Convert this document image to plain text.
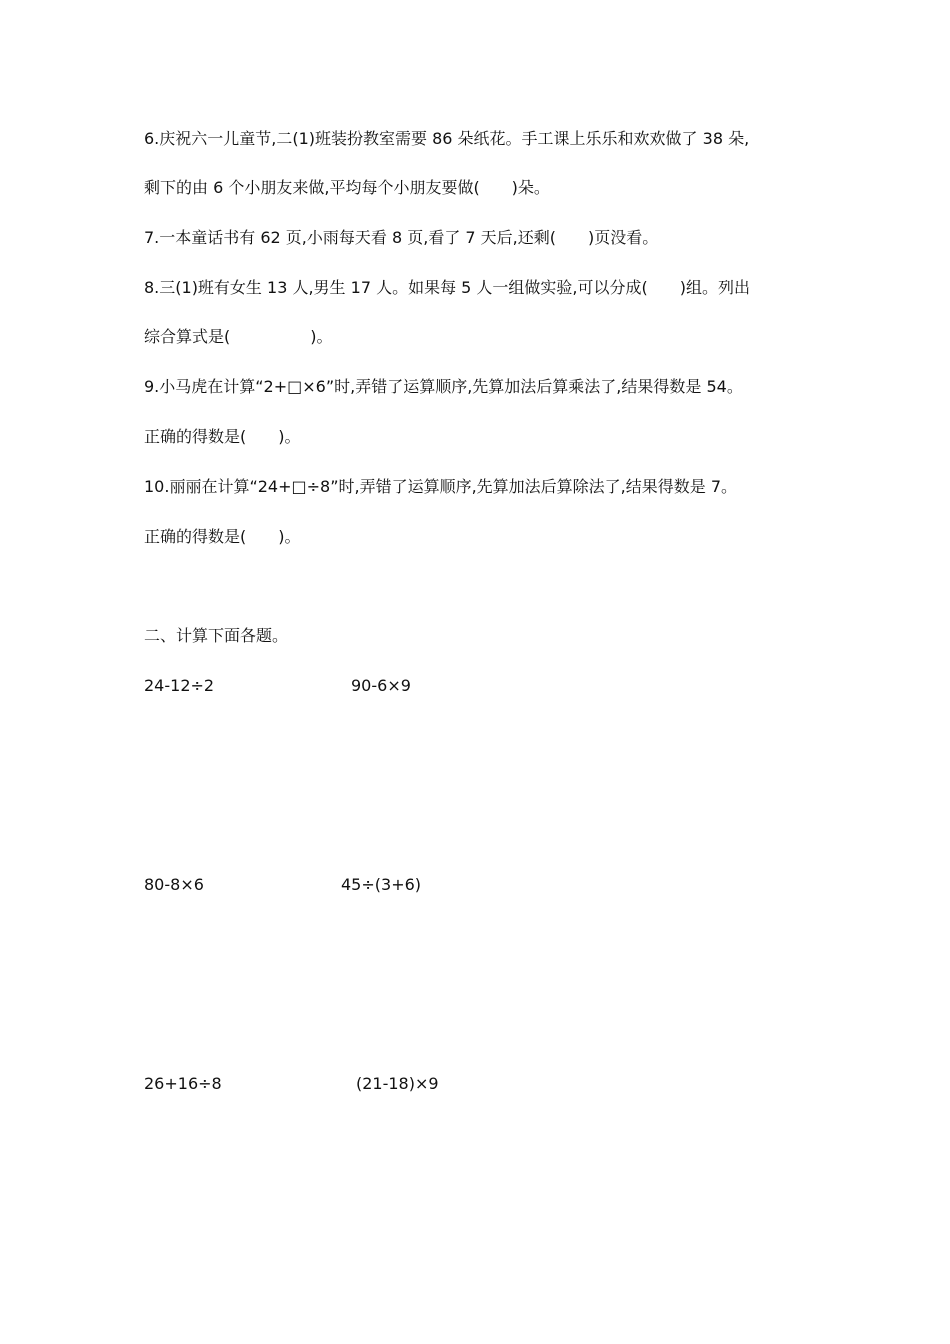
6.庆祝六一儿童节,二(1)班装扮教室需要 86 朵纸花。手工课上乐乐和欢欢做了 38 朵,
剩下的由 6 个小朋友来做,平均每个小朋友要做(　　)朵。
7.一本童话书有 62 页,小雨每天看 8 页,看了 7 天后,还剩(　　)页没看。
8.三(1)班有女生 13 人,男生 17 人。如果每 5 人一组做实验,可以分成(　　)组。列出
综合算式是(　　　　　)。
9.小马虎在计算“2+□×6”时,弄错了运算顺序,先算加法后算乘法了,结果得数是 54。
正确的得数是(　　)。
10.丽丽在计算“24+□÷8”时,弄错了运算顺序,先算加法后算除法了,结果得数是 7。
正确的得数是(　　)。
二、计算下面各题。
24-12÷2	90-6×9
80-8×6	45÷(3+6)
26+16÷8	(21-18)×9
